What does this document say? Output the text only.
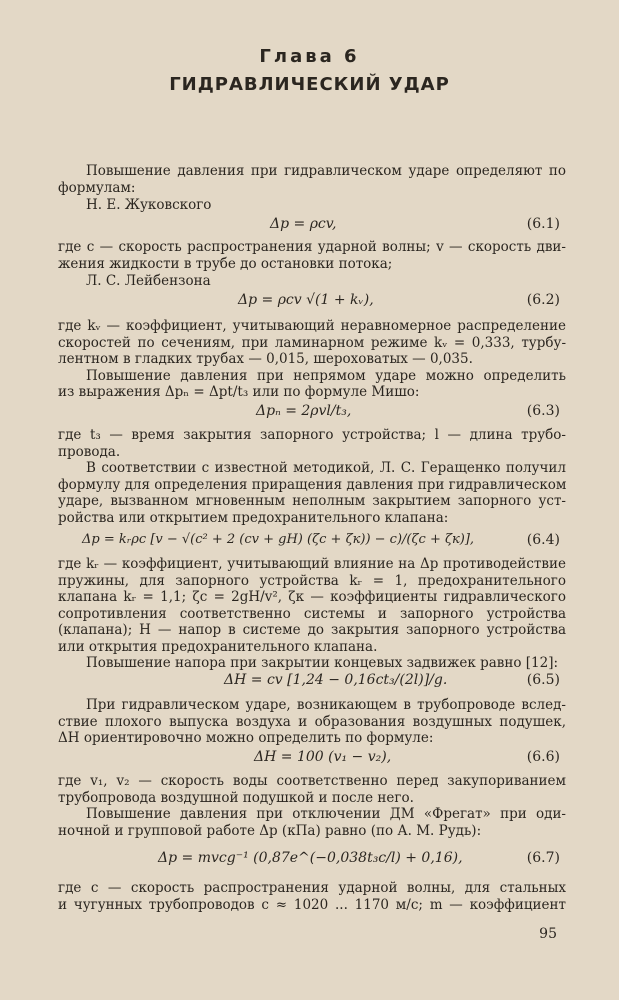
Глава 6
ГИДРАВЛИЧЕСКИЙ УДАР
Повышение давления при гидравлическом ударе определяют по
формулам:
Н. Е. Жуковского
Δp = ρcv,	(6.1)
где c — скорость распространения ударной волны; v — скорость дви-
жения жидкости в трубе до остановки потока;
Л. С. Лейбензона
Δp = ρcv √(1 + kᵥ),	(6.2)
где kᵥ — коэффициент, учитывающий неравномерное распределение
скоростей по сечениям, при ламинарном режиме kᵥ = 0,333, турбу-
лентном в гладких трубах — 0,015, шероховатых — 0,035.
Повышение давления при непрямом ударе можно определить
из выражения Δpₙ = Δpt/t₃ или по формуле Мишо:
Δpₙ = 2ρvl/t₃,	(6.3)
где t₃ — время закрытия запорного устройства; l — длина трубо-
провода.
В соответствии с известной методикой, Л. С. Геращенко получил
формулу для определения приращения давления при гидравлическом
ударе, вызванном мгновенным неполным закрытием запорного уст-
ройства или открытием предохранительного клапана:
Δp = kᵣρc [v − √(c² + 2 (cv + gH) (ζc + ζк)) − c)/(ζc + ζк)],	(6.4)
где kᵣ — коэффициент, учитывающий влияние на Δp противодействие
пружины, для запорного устройства kᵣ = 1, предохранительного
клапана kᵣ = 1,1; ζc = 2gH/v², ζк — коэффициенты гидравлического
сопротивления соответственно системы и запорного устройства
(клапана); H — напор в системе до закрытия запорного устройства
или открытия предохранительного клапана.
Повышение напора при закрытии концевых задвижек равно [12]:
ΔH = cv [1,24 − 0,16ct₃/(2l)]/g.	(6.5)
При гидравлическом ударе, возникающем в трубопроводе вслед-
ствие плохого выпуска воздуха и образования воздушных подушек,
ΔH ориентировочно можно определить по формуле:
ΔH = 100 (v₁ − v₂),	(6.6)
где v₁, v₂ — скорость воды соответственно перед закупориванием
трубопровода воздушной подушкой и после него.
Повышение давления при отключении ДМ «Фрегат» при оди-
ночной и групповой работе Δp (кПа) равно (по А. М. Рудь):
Δp = mvcg⁻¹ (0,87e^(−0,038t₃c/l) + 0,16),	(6.7)
где c — скорость распространения ударной волны, для стальных
и чугунных трубопроводов c ≈ 1020 ... 1170 м/с; m — коэффициент
95
